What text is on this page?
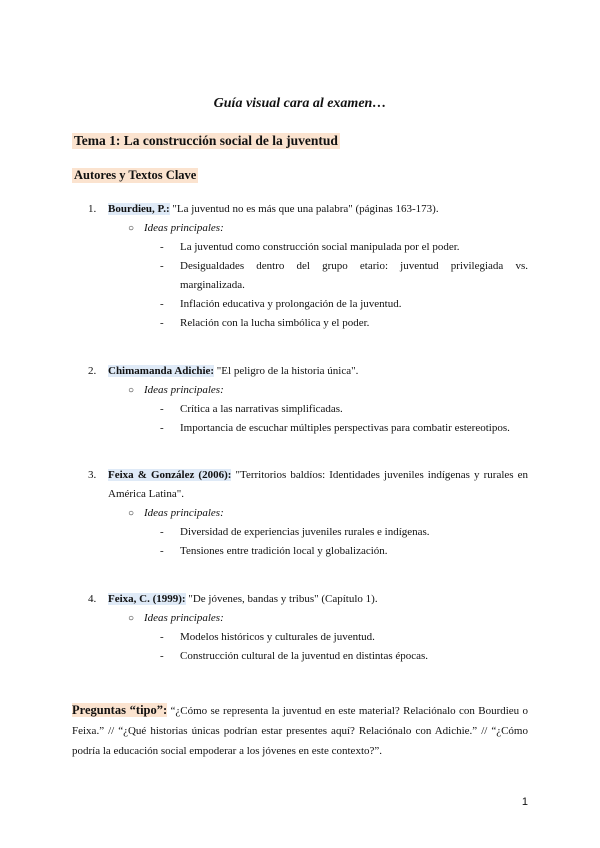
Guía visual cara al examen…
Tema 1: La construcción social de la juventud
Autores y Textos Clave
1. Bourdieu, P.: "La juventud no es más que una palabra" (páginas 163-173).
○ Ideas principales:
- La juventud como construcción social manipulada por el poder.
- Desigualdades dentro del grupo etario: juventud privilegiada vs. marginalizada.
- Inflación educativa y prolongación de la juventud.
- Relación con la lucha simbólica y el poder.
2. Chimamanda Adichie: "El peligro de la historia única".
○ Ideas principales:
- Crítica a las narrativas simplificadas.
- Importancia de escuchar múltiples perspectivas para combatir estereotipos.
3. Feixa & González (2006): "Territorios baldíos: Identidades juveniles indígenas y rurales en América Latina".
○ Ideas principales:
- Diversidad de experiencias juveniles rurales e indígenas.
- Tensiones entre tradición local y globalización.
4. Feixa, C. (1999): "De jóvenes, bandas y tribus" (Capítulo 1).
○ Ideas principales:
- Modelos históricos y culturales de juventud.
- Construcción cultural de la juventud en distintas épocas.
Preguntas “tipo”: “¿Cómo se representa la juventud en este material? Relaciónalo con Bourdieu o Feixa.” // “¿Qué historias únicas podrían estar presentes aquí? Relaciónalo con Adichie.” // “¿Cómo podría la educación social empoderar a los jóvenes en este contexto?”.
1
